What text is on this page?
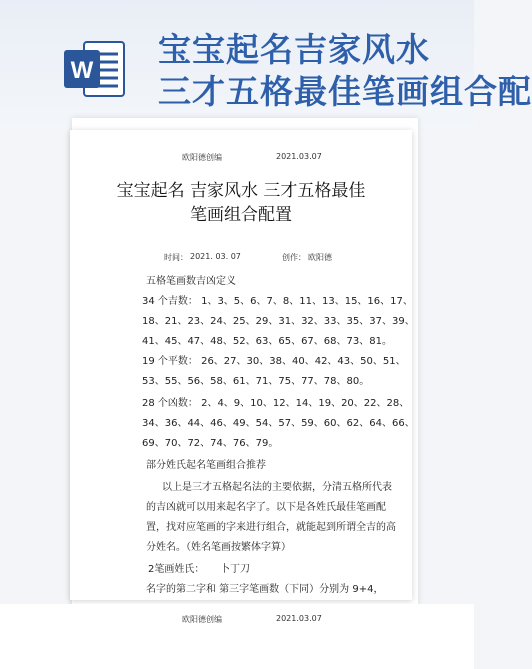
W
宝宝起名吉家风水
三才五格最佳笔画组合配
欧阳德创编	2021.03.07
宝宝起名 吉家风水 三才五格最佳
笔画组合配置
时间： 2021. 03. 07	创作： 欧阳德
五格笔画数吉凶定义
34 个吉数： 1、3、5、6、7、8、11、13、15、16、17、
18、21、23、24、25、29、31、32、33、35、37、39、
41、45、47、48、52、63、65、67、68、73、81。
19 个平数： 26、27、30、38、40、42、43、50、51、
53、55、56、58、61、71、75、77、78、80。
28 个凶数： 2、4、9、10、12、14、19、20、22、28、
34、36、44、46、49、54、57、59、60、62、64、66、
69、70、72、74、76、79。
部分姓氏起名笔画组合推荐
以上是三才五格起名法的主要依据，分清五格所代表
的吉凶就可以用来起名字了。以下是各姓氏最佳笔画配
置，找对应笔画的字来进行组合，就能起到所谓全吉的高
分姓名。（姓名笔画按繁体字算）
2笔画姓氏： 卜丁刀
名字的第二字和 第三字笔画数（下同）分别为 9+4，
欧阳德创编	2021.03.07
